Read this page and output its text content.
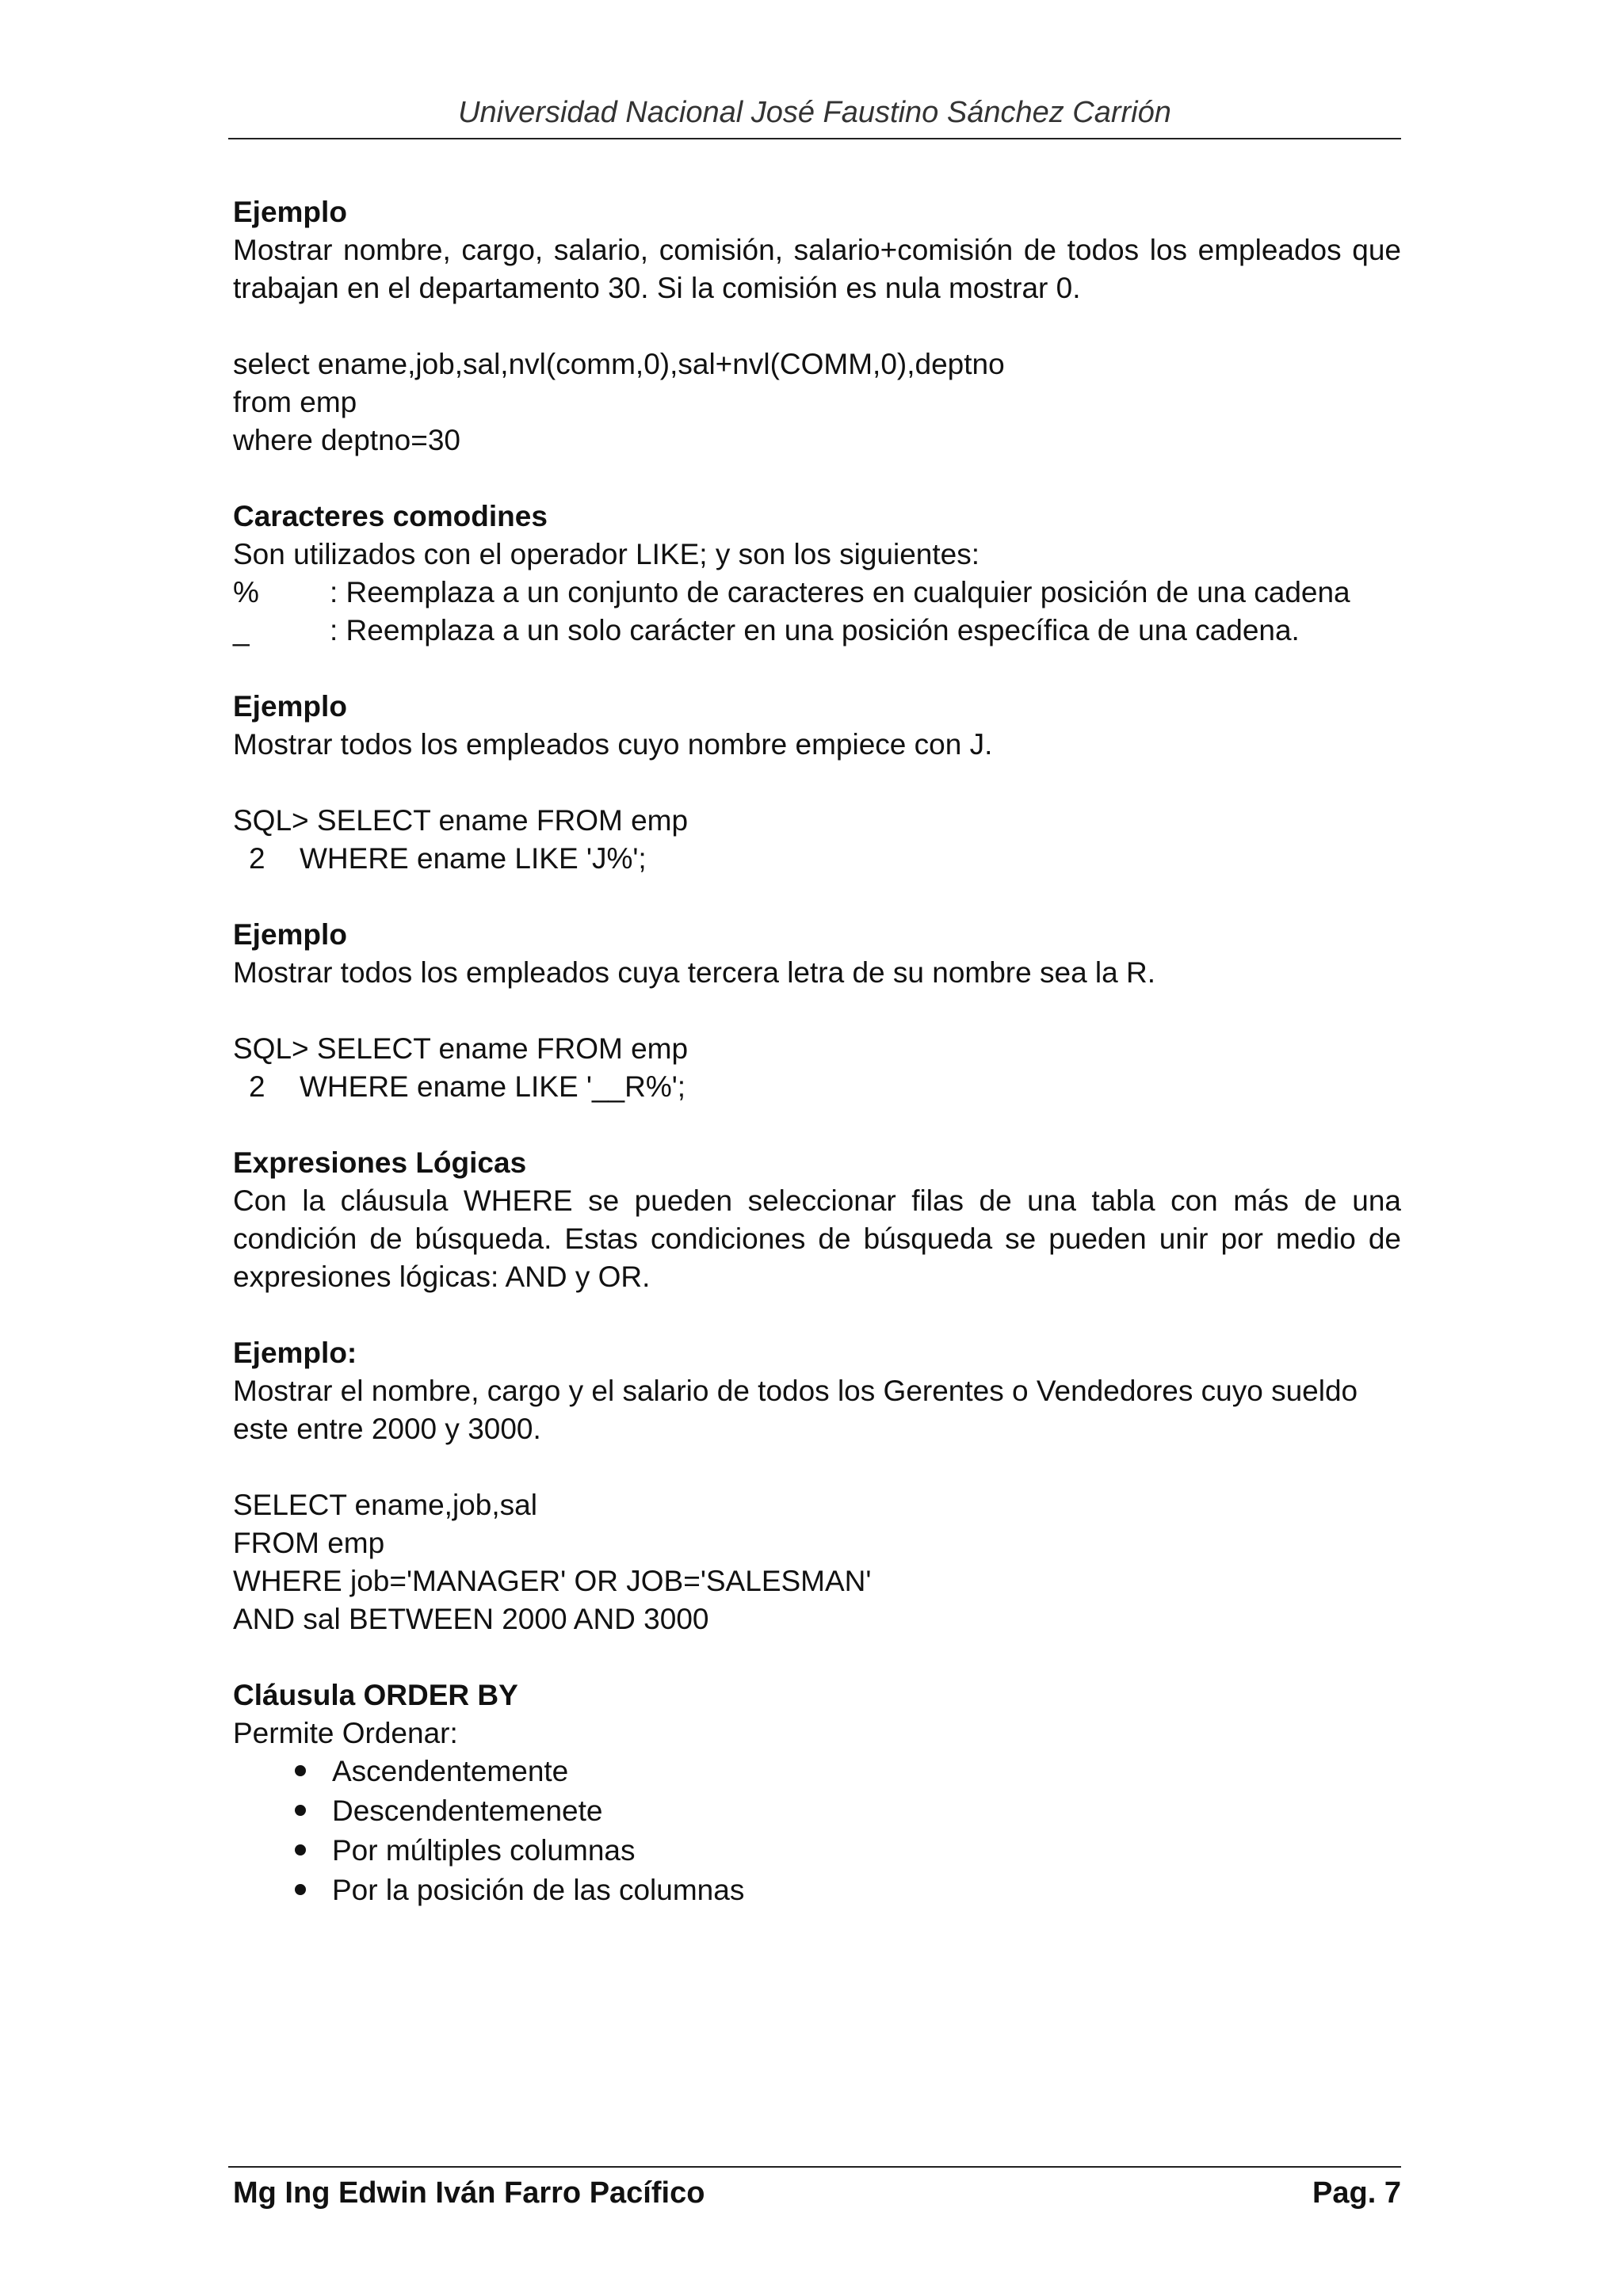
Universidad Nacional José Faustino Sánchez Carrión

Ejemplo

Mostrar nombre, cargo, salario, comisión, salario+comisión de todos los empleados que trabajan en el departamento 30. Si la comisión es nula mostrar 0.

select ename,job,sal,nvl(comm,0),sal+nvl(COMM,0),deptno

from emp

where deptno=30

Caracteres comodines

Son utilizados con el operador LIKE; y son los siguientes:

% : Reemplaza a un conjunto de caracteres en cualquier posición de una cadena
_	: Reemplaza a un solo carácter en una posición específica de una cadena.

Ejemplo

Mostrar todos los empleados cuyo nombre empiece con J.

SQL> SELECT ename FROM emp

2 WHERE ename LIKE 'J%';

Ejemplo

Mostrar todos los empleados cuya tercera letra de su nombre sea la R.

SQL> SELECT ename FROM emp

2 WHERE ename LIKE '__R%';

Expresiones Lógicas

Con la cláusula WHERE se pueden seleccionar filas de una tabla con más de una condición de búsqueda. Estas condiciones de búsqueda se pueden unir por medio de expresiones lógicas: AND y OR.

Ejemplo:

Mostrar el nombre, cargo y el salario de todos los Gerentes o Vendedores cuyo sueldo este entre 2000 y 3000.

SELECT ename,job,sal

FROM emp

WHERE job='MANAGER' OR JOB='SALESMAN'

AND sal BETWEEN 2000 AND 3000

Cláusula ORDER BY

Permite Ordenar:

Ascendentemente
Descendentemenete
Por múltiples columnas
Por la posición de las columnas
Mg Ing Edwin Iván Farro Pacífico	Pag. 7
